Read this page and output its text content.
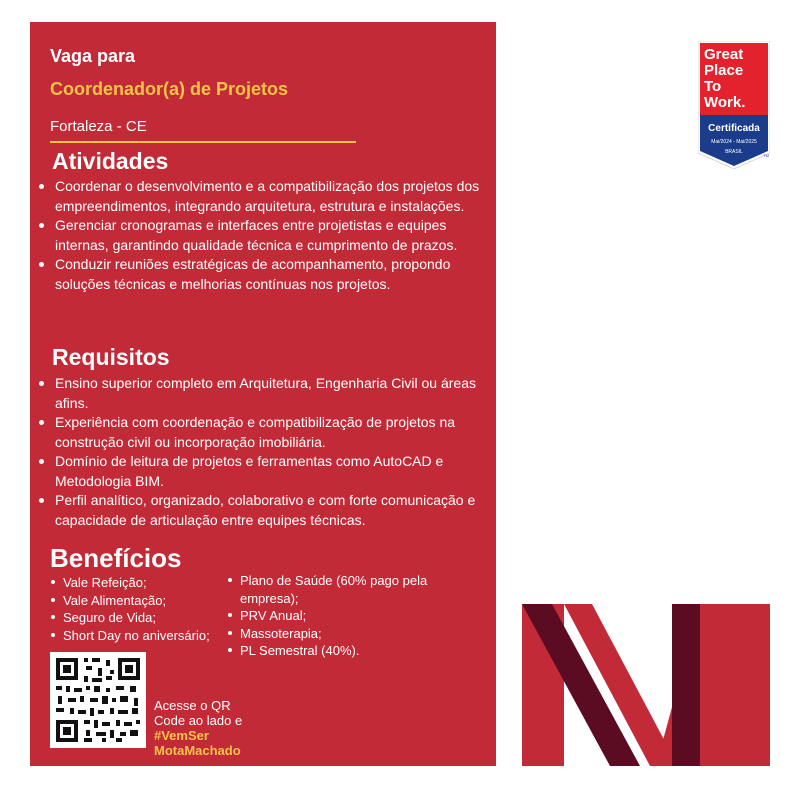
Vaga para
Coordenador(a) de Projetos
Fortaleza - CE
Atividades
Coordenar o desenvolvimento e a compatibilização dos projetos dos empreendimentos, integrando arquitetura, estrutura e instalações.
Gerenciar cronogramas e interfaces entre projetistas e equipes internas, garantindo qualidade técnica e cumprimento de prazos.
Conduzir reuniões estratégicas de acompanhamento, propondo soluções técnicas e melhorias contínuas nos projetos.
Requisitos
Ensino superior completo em Arquitetura, Engenharia Civil ou áreas afins.
Experiência com coordenação e compatibilização de projetos na construção civil ou incorporação imobiliária.
Domínio de leitura de projetos e ferramentas como AutoCAD e Metodologia BIM.
Perfil analítico, organizado, colaborativo e com forte comunicação e capacidade de articulação entre equipes técnicas.
Benefícios
Vale Refeição;
Vale Alimentação;
Seguro de Vida;
Short Day no aniversário;
Plano de Saúde (60% pago pela empresa);
PRV Anual;
Massoterapia;
PL Semestral (40%).
Acesse o QR
Code ao lado e
#VemSer
MotaMachado
Great
Place
To
Work.
Certificada
Mai/2024 - Mai/2025
BRASIL
TM
